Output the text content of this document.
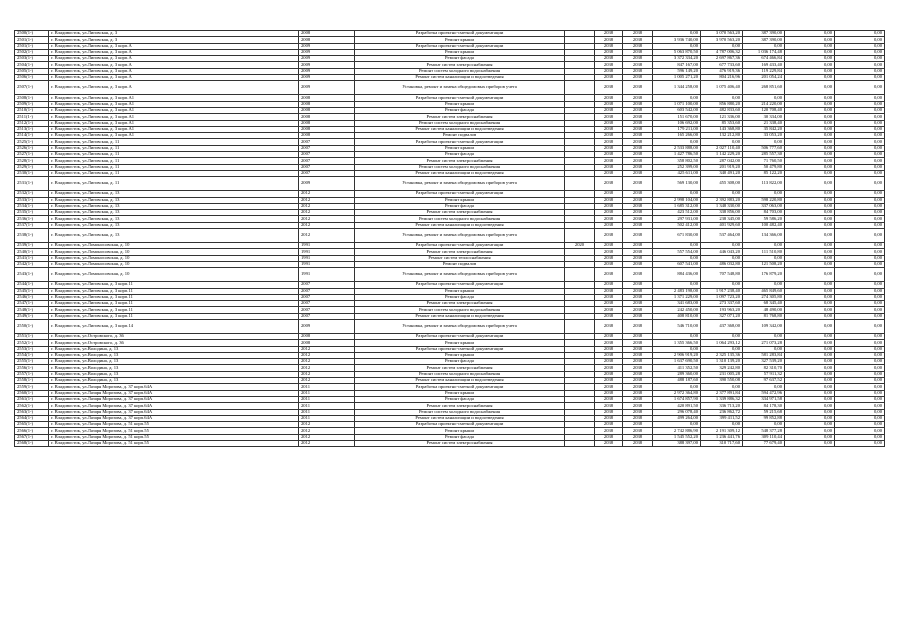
2500(1-)	г. Владивосток, ул.Лиговская, д. 3	2008	Разработка проектно-сметной документации		2038	2038	0,00	3 070 563,20	387 390,00	0,00	0,00
2501(1-)	г. Владивосток, ул.Лиговская, д. 3	2008	Ремонт крыши		2038	2038	3 936 740,00	3 970 563,20	387 390,00	0,00	0,00
2501(1-)	г. Владивосток, ул.Лиговская, д. 3 корп.А	2009	Разработка проектно-сметной документации		2038	2038	0,00	0,00	0,00	0,00	0,00
2502(1-)	г. Владивосток, ул.Лиговская, д. 3 корп.А	2009	Ремонт крыши		2038	2038	5 063 870,50	4 787 006,32	1 036 174,48	0,00	0,00
2503(1-)	г. Владивосток, ул.Лиговская, д. 3 корп.А	2009	Ремонт фасада		2038	2038	3 372 334,20	2 697 867,36	674 466,84	0,00	0,00
2504(1-)	г. Владивосток, ул.Лиговская, д. 3 корп.А	2009	Ремонт систем электроснабжения		2038	2038	847 167,00	677 733,60	169 433,40	0,00	0,00
2505(1-)	г. Владивосток, ул.Лиговская, д. 3 корп.А	2009	Ремонт систем холодного водоснабжения		2038	2038	596 149,20	476 919,36	119 229,84	0,00	0,00
2506(1-)	г. Владивосток, ул.Лиговская, д. 3 корп.А	2009	Ремонт систем канализации и водоотведения		2038	2038	1 005 271,20	804 216,96	201 054,24	0,00	0,00
2507(1-)	г. Владивосток, ул.Лиговская, д. 3 корп.А	2009	Установка, ремонт и замена общедомовых приборов учета		2038	2038	1 344 258,00	1 075 406,40	268 851,60	0,00	0,00
2508(1-)	г. Владивосток, ул.Лиговская, д. 3 корп.А1	2008	Разработка проектно-сметной документации		2038	2038	0,00	0,00	0,00	0,00	0,00
2509(1-)	г. Владивосток, ул.Лиговская, д. 3 корп.А1	2008	Ремонт крыши		2038	2038	1 071 100,00	856 880,20	214 220,00	0,00	0,00
2510(1-)	г. Владивосток, ул.Лиговская, д. 3 корп.А1	2008	Ремонт фасада		2038	2038	603 542,00	482 833,60	120 708,40	0,00	0,00
2511(1-)	г. Владивосток, ул.Лиговская, д. 3 корп.А1	2008	Ремонт систем электроснабжения		2038	2038	151 670,00	121 336,00	30 334,00	0,00	0,00
2512(1-)	г. Владивосток, ул.Лиговская, д. 3 корп.А1	2008	Ремонт систем холодного водоснабжения		2038	2038	106 692,00	85 353,60	21 338,40	0,00	0,00
2513(1-)	г. Владивосток, ул.Лиговская, д. 3 корп.А1	2008	Ремонт систем канализации и водоотведения		2038	2038	179 211,00	143 368,80	35 842,20	0,00	0,00
2514(1-)	г. Владивосток, ул.Лиговская, д. 3 корп.А1	2008	Ремонт подвалов		2038	2038	165 266,00	132 212,80	33 053,20	0,00	0,00
2525(1-)	г. Владивосток, ул.Лиговская, д. 11	2007	Разработка проектно-сметной документации		2038	2038	0,00	0,00	0,00	0,00	0,00
2526(1-)	г. Владивосток, ул.Лиговская, д. 11	2007	Ремонт крыши		2038	2038	2 533 888,00	2 027 110,40	506 777,60	0,00	0,00
2527(1-)	г. Владивосток, ул.Лиговская, д. 11	2007	Ремонт фасада		2038	2038	1 427 786,50	1 142 229,20	285 557,30	0,00	0,00
2528(1-)	г. Владивосток, ул.Лиговская, д. 11	2007	Ремонт систем электроснабжения		2038	2038	358 802,50	287 042,00	71 760,50	0,00	0,00
2529(1-)	г. Владивосток, ул.Лиговская, д. 11	2007	Ремонт систем холодного водоснабжения		2038	2038	252 399,00	201 919,20	50 479,80	0,00	0,00
2530(1-)	г. Владивосток, ул.Лиговская, д. 11	2007	Ремонт систем канализации и водоотведения		2038	2038	425 611,00	340 491,20	85 122,20	0,00	0,00
2531(1-)	г. Владивосток, ул.Лиговская, д. 11	2009	Установка, ремонт и замена общедомовых приборов учета		2038	2038	569 130,00	455 308,00	113 822,00	0,00	0,00
2532(1-)	г. Владивосток, ул.Лиговская, д. 13	2012	Разработка проектно-сметной документации		2038	2038	0,00	0,00	0,00	0,00	0,00
2533(1-)	г. Владивосток, ул.Лиговская, д. 13	2012	Ремонт крыши		2038	2038	2 998 104,00	2 392 883,20	598 220,80	0,00	0,00
2534(1-)	г. Владивосток, ул.Лиговская, д. 13	2012	Ремонт фасада		2038	2038	1 685 312,00	1 348 330,00	337 063,00	0,00	0,00
2535(1-)	г. Владивосток, ул.Лиговская, д. 13	2012	Ремонт систем электроснабжения		2038	2038	423 512,00	338 856,00	84 703,00	0,00	0,00
2536(1-)	г. Владивосток, ул.Лиговская, д. 13	2012	Ремонт систем холодного водоснабжения		2038	2038	297 931,00	238 345,00	59 586,20	0,00	0,00
2537(1-)	г. Владивосток, ул.Лиговская, д. 13	2012	Ремонт систем канализации и водоотведения		2038	2038	502 412,00	401 929,60	100 482,40	0,00	0,00
2538(1-)	г. Владивосток, ул.Лиговская, д. 13	2012	Установка, ремонт и замена общедомовых приборов учета		2038	2038	671 830,00	537 464,00	134 366,00	0,00	0,00
2539(1-)	г. Владивосток, ул.Ломоносовская, д. 10	1991	Разработка проектно-сметной документации	2020	2038	2038	0,00	0,00	0,00	0,00	0,00
2540(1-)	г. Владивосток, ул.Ломоносовская, д. 10	1991	Ремонт систем электроснабжения		2038	2038	557 554,00	446 043,20	111 510,80	0,00	0,00
2541(1-)	г. Владивосток, ул.Ломоносовская, д. 10	1991	Ремонт систем теплоснабжения		2038	2038	0,00	0,00	0,00	0,00	0,00
2542(1-)	г. Владивосток, ул.Ломоносовская, д. 10	1991	Ремонт подвалов		2038	2038	607 541,00	486 032,80	121 508,20	0,00	0,00
2543(1-)	г. Владивосток, ул.Ломоносовская, д. 10	1991	Установка, ремонт и замена общедомовых приборов учета		2038	2038	884 436,00	707 548,80	176 879,20	0,00	0,00
2544(1-)	г. Владивосток, ул.Лиговская, д. 3 корп.11	2007	Разработка проектно-сметной документации		2038	2038	0,00	0,00	0,00	0,00	0,00
2545(1-)	г. Владивосток, ул.Лиговская, д. 3 корп.11	2007	Ремонт крыши		2038	2038	2 483 198,00	1 917 238,40	465 849,60	0,00	0,00
2546(1-)	г. Владивосток, ул.Лиговская, д. 3 корп.11	2007	Ремонт фасада		2038	2038	1 371 229,00	1 097 723,20	274 305,80	0,00	0,00
2547(1-)	г. Владивосток, ул.Лиговская, д. 3 корп.11	2007	Ремонт систем электроснабжения		2038	2038	341 683,00	273 337,60	68 345,40	0,00	0,00
2548(1-)	г. Владивосток, ул.Лиговская, д. 3 корп.11	2007	Ремонт систем холодного водоснабжения		2038	2038	242 450,00	193 963,20	48 490,00	0,00	0,00
2549(1-)	г. Владивосток, ул.Лиговская, д. 3 корп.11	2007	Ремонт систем канализации и водоотведения		2038	2038	408 810,00	327 071,20	81 768,80	0,00	0,00
2550(1-)	г. Владивосток, ул.Лиговская, д. 3 корп.14	2009	Установка, ремонт и замена общедомовых приборов учета		2038	2038	546 710,00	437 368,00	109 342,00	0,00	0,00
2551(1-)	г. Владивосток, ул.Островского, д. 36	2008	Разработка проектно-сметной документации		2038	2038	0,00	0,00	0,00	0,00	0,00
2552(1-)	г. Владивосток, ул.Островского, д. 36	2008	Ремонт крыши		2038	2038	1 355 366,50	1 064 293,12	271 073,28	0,00	0,00
2553(1-)	г. Владивосток, ул.Володина, д. 13	2012	Разработка проектно-сметной документации		2038	2038	0,00	0,00	0,00	0,00	0,00
2554(1-)	г. Владивосток, ул.Володина, д. 13	2012	Ремонт крыши		2038	2038	2 906 919,20	2 325 135,36	581 283,84	0,00	0,00
2555(1-)	г. Владивосток, ул.Володина, д. 13	2012	Ремонт фасада		2038	2038	1 637 690,50	1 310 139,20	327 539,20	0,00	0,00
2556(1-)	г. Владивосток, ул.Володина, д. 13	2012	Ремонт систем электроснабжения		2038	2038	411 352,50	329 242,80	82 310,70	0,00	0,00
2557(1-)	г. Владивосток, ул.Володина, д. 13	2012	Ремонт систем холодного водоснабжения		2038	2038	289 360,00	231 005,28	57 911,32	0,00	0,00
2558(1-)	г. Владивосток, ул.Володина, д. 13	2012	Ремонт систем канализации и водоотведения		2038	2038	488 187,60	390 550,08	97 637,52	0,00	0,00
2559(1-)	г. Владивосток, ул.Лазаря Морозова, д. 37 корп.64А	2011	Разработка проектно-сметной документации		2038	2038	0,00	0,00	0,00	0,00	0,00
2560(1-)	г. Владивосток, ул.Лазаря Морозова, д. 37 корп.64А	2011	Ремонт крыши		2038	2038	2 972 364,80	2 377 891,84	594 472,96	0,00	0,00
2561(1-)	г. Владивосток, ул.Лазаря Морозова, д. 37 корп.64А	2011	Ремонт фасада		2038	2038	1 674 857,90	1 339 886,32	334 971,58	0,00	0,00
2562(1-)	г. Владивосток, ул.Лазаря Морозова, д. 37 корп.64А	2011	Ремонт систем электроснабжения		2038	2038	420 891,50	336 713,20	84 178,30	0,00	0,00
2563(1-)	г. Владивосток, ул.Лазаря Морозова, д. 37 корп.64А	2011	Ремонт систем холодного водоснабжения		2038	2038	296 078,40	236 862,72	59 215,68	0,00	0,00
2564(1-)	г. Владивосток, ул.Лазаря Морозова, д. 37 корп.64А	2011	Ремонт систем канализации и водоотведения		2038	2038	499 264,00	399 411,52	99 852,88	0,00	0,00
2565(1-)	г. Владивосток, ул.Лазаря Морозова, д. 51 корп.55	2012	Разработка проектно-сметной документации		2038	2038	0,00	0,00	0,00	0,00	0,00
2566(1-)	г. Владивосток, ул.Лазаря Морозова, д. 51 корп.55	2012	Ремонт крыши		2038	2038	2 742 886,90	2 191 309,12	548 377,28	0,00	0,00
2567(1-)	г. Владивосток, ул.Лазаря Морозова, д. 51 корп.55	2012	Ремонт фасада		2038	2038	1 545 552,20	1 236 441,76	309 110,44	0,00	0,00
2568(1-)	г. Владивосток, ул.Лазаря Морозова, д. 51 корп.55	2012	Ремонт систем электроснабжения		2038	2038	388 397,00	310 717,60	77 679,40	0,00	0,00
